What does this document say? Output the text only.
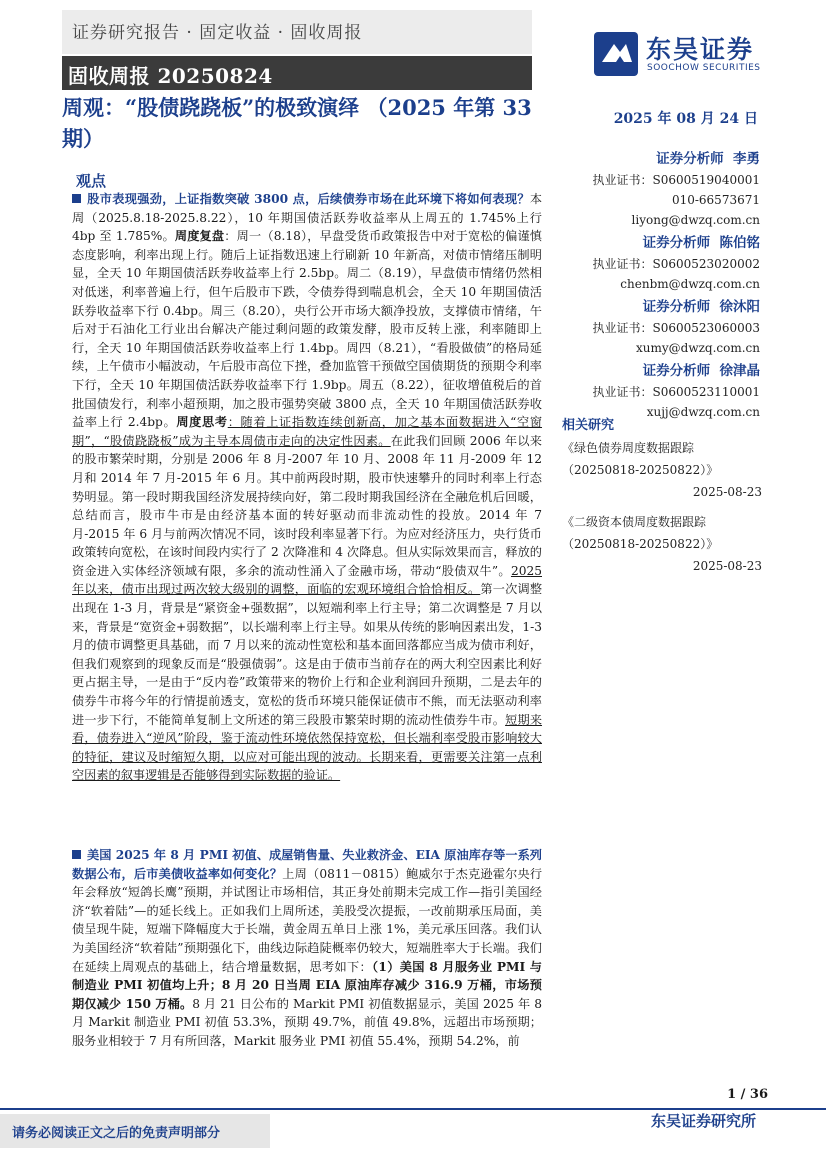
证券研究报告 · 固定收益 · 固收周报
固收周报 20250824
东吴证券
SOOCHOW SECURITIES
周观：“股债跷跷板”的极致演绎 （2025 年第 33 期）
2025 年 08 月 24 日
观点
股市表现强劲，上证指数突破 3800 点，后续债券市场在此环境下将如何表现？本周（2025.8.18-2025.8.22），10 年期国债活跃券收益率从上周五的 1.745%上行 4bp 至 1.785%。周度复盘：周一（8.18），早盘受货币政策报告中对于宽松的偏谨慎态度影响，利率出现上行。随后上证指数迅速上行刷新 10 年新高，对债市情绪压制明显，全天 10 年期国债活跃券收益率上行 2.5bp。周二（8.19），早盘债市情绪仍然相对低迷，利率普遍上行，但午后股市下跌，令债券得到喘息机会，全天 10 年期国债活跃券收益率下行 0.4bp。周三（8.20），央行公开市场大额净投放，支撑债市情绪，午后对于石油化工行业出台解决产能过剩问题的政策发酵，股市反转上涨，利率随即上行，全天 10 年期国债活跃券收益率上行 1.4bp。周四（8.21），“看股做债”的格局延续，上午债市小幅波动，午后股市高位下挫，叠加监管干预做空国债期货的预期令利率下行，全天 10 年期国债活跃券收益率下行 1.9bp。周五（8.22），征收增值税后的首批国债发行，利率小超预期，加之股市强势突破 3800 点，全天 10 年期国债活跃券收益率上行 2.4bp。周度思考：随着上证指数连续创新高，加之基本面数据进入“空窗期”，“股债跷跷板”成为主导本周债市走向的决定性因素。在此我们回顾 2006 年以来的股市繁荣时期，分别是 2006 年 8 月-2007 年 10 月、2008 年 11 月-2009 年 12 月和 2014 年 7 月-2015 年 6 月。其中前两段时期，股市快速攀升的同时利率上行态势明显。第一段时期我国经济发展持续向好，第二段时期我国经济在全融危机后回暖，总结而言，股市牛市是由经济基本面的转好驱动而非流动性的投放。2014 年 7 月-2015 年 6 月与前两次情况不同，该时段利率显著下行。为应对经济压力，央行货币政策转向宽松，在该时间段内实行了 2 次降准和 4 次降息。但从实际效果而言，释放的资金进入实体经济领域有限，多余的流动性涌入了金融市场，带动“股债双牛”。2025 年以来，债市出现过两次较大级别的调整，面临的宏观环境组合恰恰相反。第一次调整出现在 1-3 月，背景是“紧资金+强数据”，以短端利率上行主导；第二次调整是 7 月以来，背景是“宽资金+弱数据”，以长端利率上行主导。如果从传统的影响因素出发，1-3 月的债市调整更具基础，而 7 月以来的流动性宽松和基本面回落都应当成为债市利好，但我们观察到的现象反而是“股强债弱”。这是由于债市当前存在的两大利空因素比利好更占据主导，一是由于“反内卷”政策带来的物价上行和企业利润回升预期，二是去年的债券牛市将今年的行情提前透支，宽松的货币环境只能保证债市不熊，而无法驱动利率进一步下行，不能简单复制上文所述的第三段股市繁荣时期的流动性债券牛市。短期来看，债券进入“逆风”阶段，鉴于流动性环境依然保持宽松，但长端利率受股市影响较大的特征，建议及时缩短久期，以应对可能出现的波动。长期来看，更需要关注第一点利空因素的叙事逻辑是否能够得到实际数据的验证。
美国 2025 年 8 月 PMI 初值、成屋销售量、失业救济金、EIA 原油库存等一系列数据公布，后市美债收益率如何变化？上周（0811－0815）鲍威尔于杰克逊霍尔央行年会释放“短鸽长鹰”预期，并试图让市场相信，其正身处前期未完成工作—指引美国经济“软着陆”—的延长线上。正如我们上周所述，美股受次提振，一改前期承压局面，美债呈现牛陡，短端下降幅度大于长端，黄金周五单日上涨 1%，美元承压回落。我们认为美国经济“软着陆”预期强化下，曲线边际趋陡概率仍较大，短端胜率大于长端。我们在延续上周观点的基础上，结合增量数据，思考如下：（1）美国 8 月服务业 PMI 与制造业 PMI 初值均上升；8 月 20 日当周 EIA 原油库存减少 316.9 万桶，市场预期仅减少 150 万桶。8 月 21 日公布的 Markit PMI 初值数据显示，美国 2025 年 8 月 Markit 制造业 PMI 初值 53.3%，预期 49.7%，前值 49.8%，远超出市场预期；服务业相较于 7 月有所回落，Markit 服务业 PMI 初值 55.4%，预期 54.2%，前
证券分析师 李勇
执业证书：S0600519040001
010-66573671
liyong@dwzq.com.cn
证券分析师 陈伯铭
执业证书：S0600523020002
chenbm@dwzq.com.cn
证券分析师 徐沐阳
执业证书：S0600523060003
xumy@dwzq.com.cn
证券分析师 徐津晶
执业证书：S0600523110001
xujj@dwzq.com.cn
相关研究
《绿色债券周度数据跟踪（20250818-20250822）》
2025-08-23
《二级资本债周度数据跟踪（20250818-20250822）》
2025-08-23
1 / 36
请务必阅读正文之后的免责声明部分
东吴证券研究所
